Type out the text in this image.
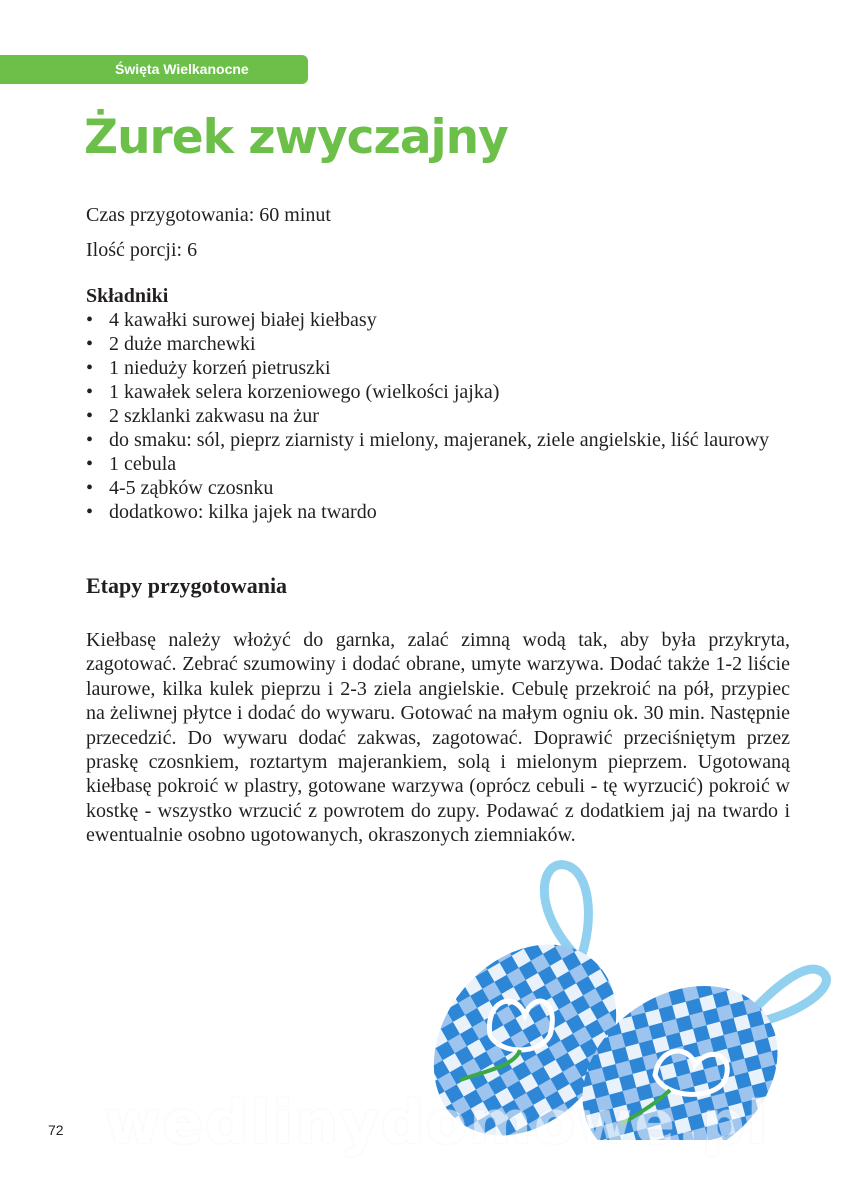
Święta Wielkanocne
Żurek zwyczajny

Czas przygotowania: 60 minut

Ilość porcji: 6

Składniki

• 4 kawałki surowej białej kiełbasy
• 2 duże marchewki
• 1 nieduży korzeń pietruszki
• 1 kawałek selera korzeniowego (wielkości jajka)
• 2 szklanki zakwasu na żur
• do smaku: sól, pieprz ziarnisty i mielony, majeranek, ziele angielskie, liść laurowy
• 1 cebula
• 4-5 ząbków czosnku
• dodatkowo: kilka jajek na twardo

Etapy przygotowania

Kiełbasę należy włożyć do garnka, zalać zimną wodą tak, aby była przykryta, zagotować. Zebrać szumowiny i dodać obrane, umyte warzywa. Dodać także 1-2 liście laurowe, kilka kulek pieprzu i 2-3 ziela angielskie. Cebulę przekroić na pół, przypiec na żeliwnej płytce i dodać do wywaru. Gotować na małym ogniu ok. 30 min. Następnie przecedzić. Do wywaru dodać zakwas, zagotować. Doprawić przeciśniętym przez praskę czosnkiem, roztartym majerankiem, solą i mielonym pieprzem. Ugotowaną kiełbasę pokroić w plastry, gotowane warzywa (oprócz cebuli - tę wyrzucić) pokroić w kostkę - wszystko wrzucić z powrotem do zupy. Podawać z dodatkiem jaj na twardo i ewentualnie osobno ugotowanych, okraszonych ziemniaków.

wedlinydomowe.pl
72
